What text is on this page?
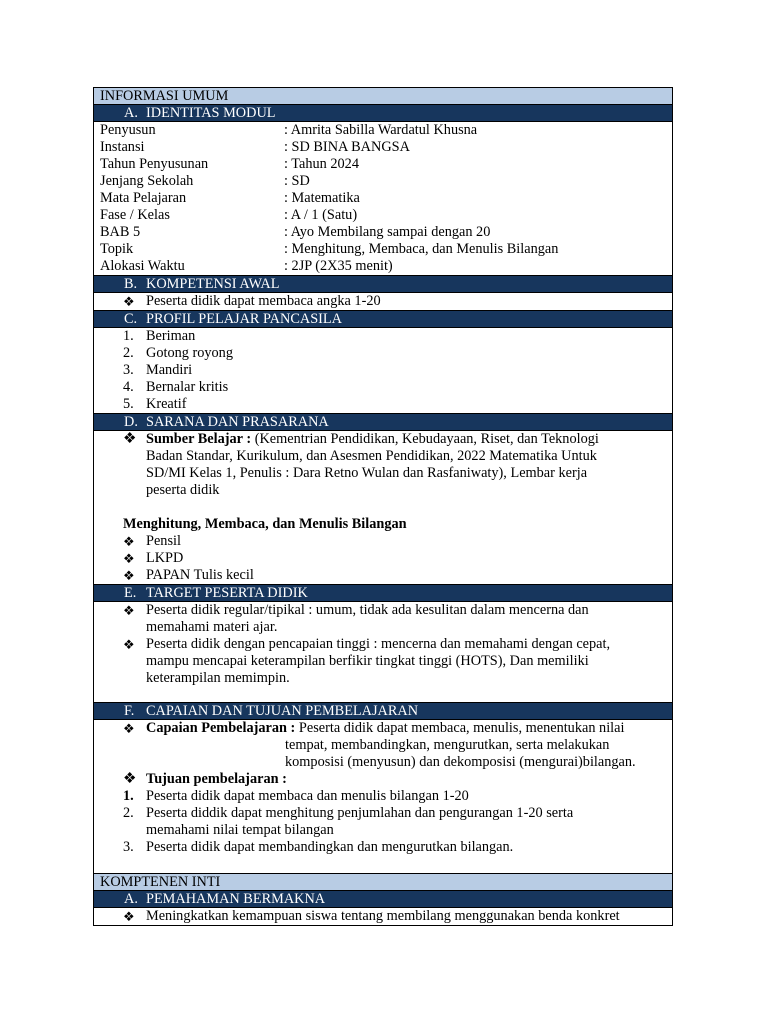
INFORMASI UMUM
A. IDENTITAS MODUL
Penyusun	: Amrita Sabilla Wardatul Khusna
Instansi	: SD BINA BANGSA
Tahun Penyusunan	: Tahun 2024
Jenjang Sekolah	: SD
Mata Pelajaran	: Matematika
Fase / Kelas	: A / 1 (Satu)
BAB 5	: Ayo Membilang sampai dengan 20
Topik	: Menghitung, Membaca, dan Menulis Bilangan
Alokasi Waktu	: 2JP (2X35 menit)
B. KOMPETENSI AWAL
❖ Peserta didik dapat membaca angka 1-20
C. PROFIL PELAJAR PANCASILA
1. Beriman
2. Gotong royong
3. Mandiri
4. Bernalar kritis
5. Kreatif
D. SARANA DAN PRASARANA
❖ Sumber Belajar : (Kementrian Pendidikan, Kebudayaan, Riset, dan Teknologi
Badan Standar, Kurikulum, dan Asesmen Pendidikan, 2022 Matematika Untuk
SD/MI Kelas 1, Penulis : Dara Retno Wulan dan Rasfaniwaty), Lembar kerja
peserta didik
Menghitung, Membaca, dan Menulis Bilangan
❖ Pensil
❖ LKPD
❖ PAPAN Tulis kecil
E. TARGET PESERTA DIDIK
❖ Peserta didik regular/tipikal : umum, tidak ada kesulitan dalam mencerna dan
memahami materi ajar.
❖ Peserta didik dengan pencapaian tinggi : mencerna dan memahami dengan cepat,
mampu mencapai keterampilan berfikir tingkat tinggi (HOTS), Dan memiliki
keterampilan memimpin.
F. CAPAIAN DAN TUJUAN PEMBELAJARAN
❖ Capaian Pembelajaran : Peserta didik dapat membaca, menulis, menentukan nilai
tempat, membandingkan, mengurutkan, serta melakukan
komposisi (menyusun) dan dekomposisi (mengurai)bilangan.
❖ Tujuan pembelajaran :
1. Peserta didik dapat membaca dan menulis bilangan 1-20
2. Peserta diddik dapat menghitung penjumlahan dan pengurangan 1-20 serta
memahami nilai tempat bilangan
3. Peserta didik dapat membandingkan dan mengurutkan bilangan.
KOMPTENEN INTI
A. PEMAHAMAN BERMAKNA
❖ Meningkatkan kemampuan siswa tentang membilang menggunakan benda konkret
